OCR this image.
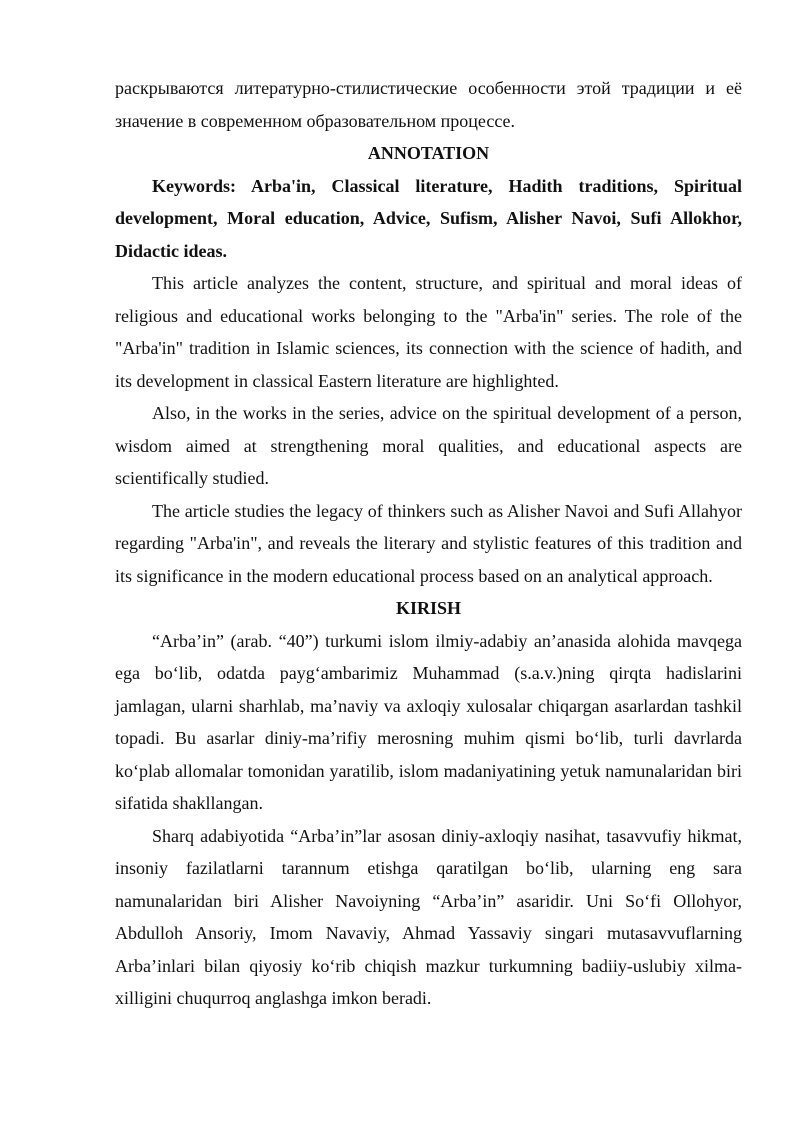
раскрываются литературно-стилистические особенности этой традиции и её значение в современном образовательном процессе.

ANNOTATION

Keywords: Arba'in, Classical literature, Hadith traditions, Spiritual development, Moral education, Advice, Sufism, Alisher Navoi, Sufi Allokhor, Didactic ideas.

This article analyzes the content, structure, and spiritual and moral ideas of religious and educational works belonging to the "Arba'in" series. The role of the "Arba'in" tradition in Islamic sciences, its connection with the science of hadith, and its development in classical Eastern literature are highlighted.

Also, in the works in the series, advice on the spiritual development of a person, wisdom aimed at strengthening moral qualities, and educational aspects are scientifically studied.

The article studies the legacy of thinkers such as Alisher Navoi and Sufi Allahyor regarding "Arba'in", and reveals the literary and stylistic features of this tradition and its significance in the modern educational process based on an analytical approach.

KIRISH

“Arba’in” (arab. “40”) turkumi islom ilmiy-adabiy an’anasida alohida mavqega ega bo‘lib, odatda payg‘ambarimiz Muhammad (s.a.v.)ning qirqta hadislarini jamlagan, ularni sharhlab, ma’naviy va axloqiy xulosalar chiqargan asarlardan tashkil topadi. Bu asarlar diniy-ma’rifiy merosning muhim qismi bo‘lib, turli davrlarda ko‘plab allomalar tomonidan yaratilib, islom madaniyatining yetuk namunalaridan biri sifatida shakllangan.

Sharq adabiyotida “Arba’in”lar asosan diniy-axloqiy nasihat, tasavvufiy hikmat, insoniy fazilatlarni tarannum etishga qaratilgan bo‘lib, ularning eng sara namunalaridan biri Alisher Navoiyning “Arba’in” asaridir. Uni So‘fi Ollohyor, Abdulloh Ansoriy, Imom Navaviy, Ahmad Yassaviy singari mutasavvuflarning Arba’inlari bilan qiyosiy ko‘rib chiqish mazkur turkumning badiiy-uslubiy xilma-xilligini chuqurroq anglashga imkon beradi.
